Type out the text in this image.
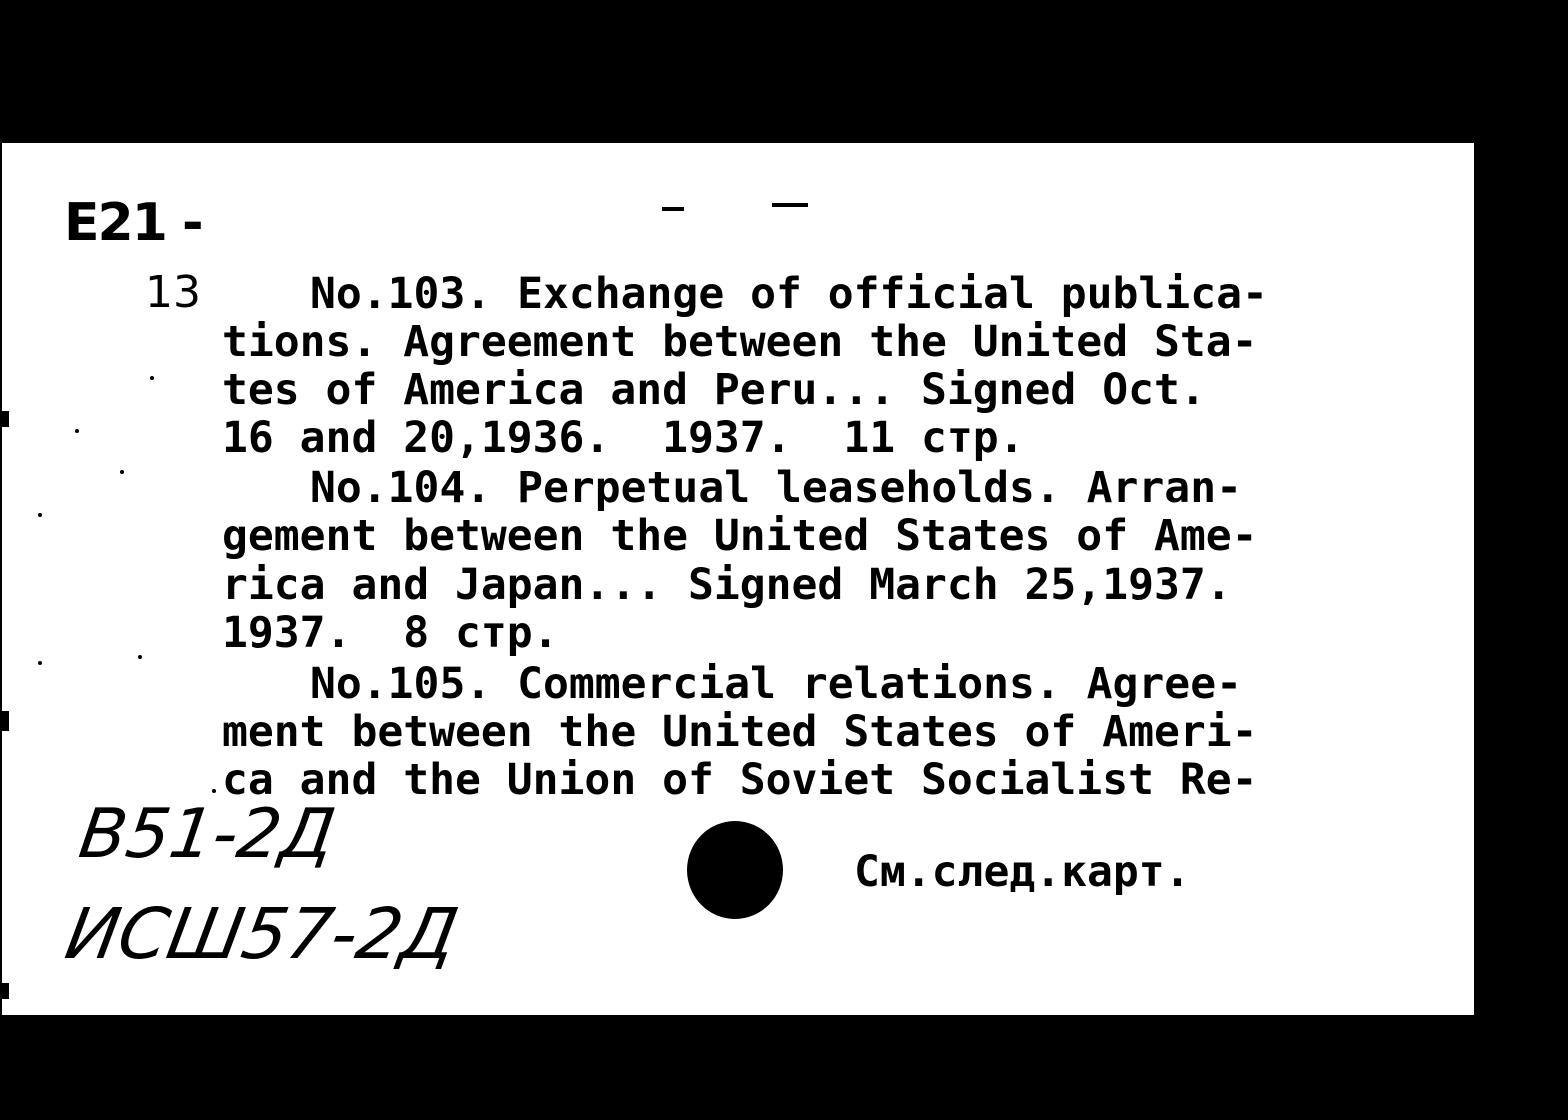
E21 -
13	No.103. Exchange of official publica-
tions. Agreement between the United Sta-
tes of America and Peru... Signed Oct.
16 and 20,1936.  1937.  11 стр.
No.104. Perpetual leaseholds. Arran-
gement between the United States of Ame-
rica and Japan... Signed March 25,1937.
1937.  8 стр.
No.105. Commercial relations. Agree-
ment between the United States of Ameri-
ca and the Union of Soviet Socialist Re-
В51-2Д
ИСШ57-2Д
См.след.карт.
